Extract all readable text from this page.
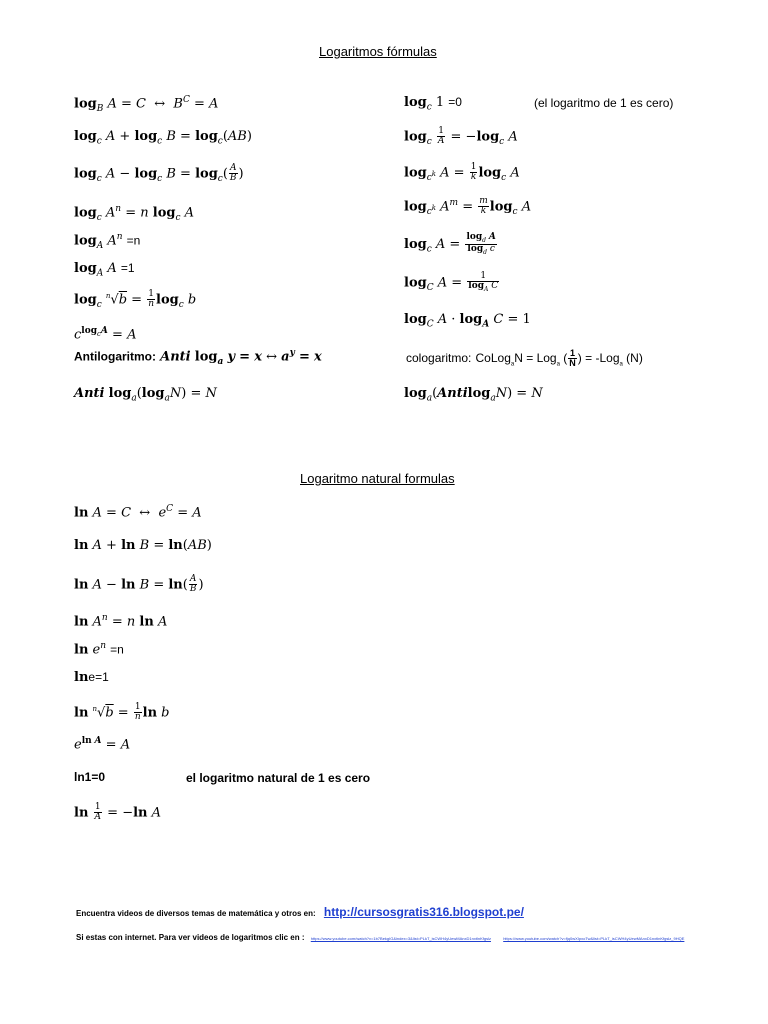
Logaritmos fórmulas
$\log_B A = C$  ↔  $B^C = A$
$\log_c A + \log_c B = \log_c(AB)$
$\log_c A - \log_c B = \log_c( \frac{A}{B}$ )
$\log_c A^n = n$ $\log_c A$
$\log_A A^n =n$
$\log_A A =1$
$\log_c ^n√b = \frac{1}{n} \log_c b$
$c^{log_cA} = A$
Antilogaritmo: Anti $\log_a y = x$ ↔ $a^y = x$
Anti $\log_a(\log_aN) = N$
$\log_c 1 =0$	(el logaritmo de 1 es cero)
$\log_c \frac{1}{A} = -\log_c$ A
$\log_{c^k} A = \frac{1}{k} \log_c A$
$\log_{c^k} A^m = \frac{m}{k} \log_c A$
$\log_c A = \frac{\log_d A}{\log_d c}$
$\log_C A = \frac{1}{\log_A C}$
$\log_C A \cdot \log_A C = 1$
cologaritmo: CoLog$_a$N = Log$_a$ ( $\frac{1}{N}$ ) = -Log$_a$ (N)
$\log_a(Antilog_aN) = N$
Logaritmo natural formulas
ln A = C  ↔  $e^C = A$
ln A + ln B = ln(AB)
$\ln A - \ln B = \ln( \frac{A}{B}$ )
$\ln A^n = n$ ln A
$\ln e^n =n$
lne=1
$\ln ^n√b = \frac{1}{n}$ ln b
$e^{ln A} = A$
ln1=0	el logaritmo natural de 1 es cero
$\ln \frac{1}{A} = -\ln$ A
Encuentra videos de diversos temas de matemática y otros en: http://cursosgratis316.blogspot.pe/
Si estas con internet. Para ver videos de logaritmos clic en : https://www.youtube.com/watch?v=1b7BekgIG&index=3&list=PLkT_isCWH4yUewMAnxD1nxtlnKfgslz	https://www.youtube.com/watch?v=fjq0wXIpxoTw&list=PLkT_isCWH4yUewMAnxD1nxtlnKfgslz_9HQE
